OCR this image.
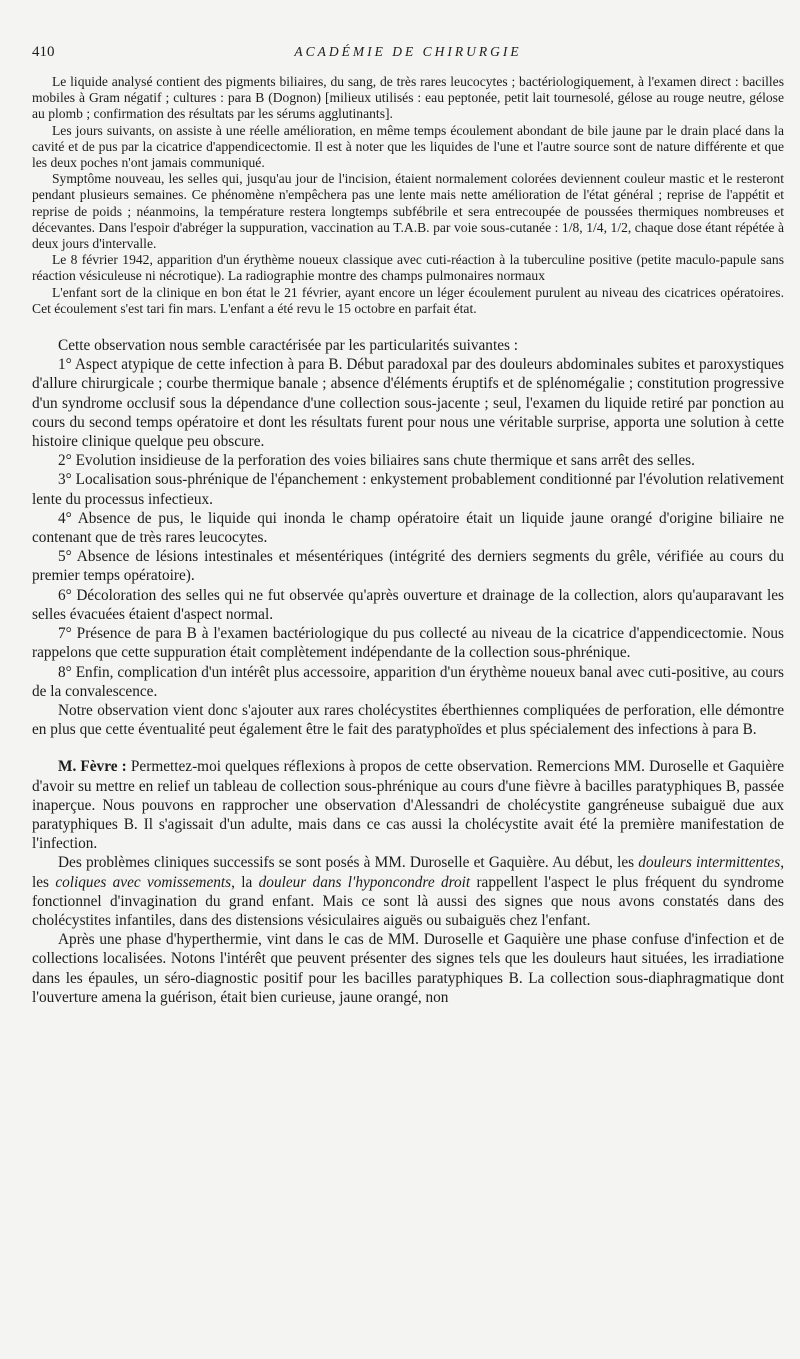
410	ACADÉMIE DE CHIRURGIE

Le liquide analysé contient des pigments biliaires, du sang, de très rares leucocytes ; bactériologiquement, à l'examen direct : bacilles mobiles à Gram négatif ; cultures : para B (Dognon) [milieux utilisés : eau peptonée, petit lait tournesolé, gélose au rouge neutre, gélose au plomb ; confirmation des résultats par les sérums agglutinants].

Les jours suivants, on assiste à une réelle amélioration, en même temps écoulement abondant de bile jaune par le drain placé dans la cavité et de pus par la cicatrice d'appendicectomie. Il est à noter que les liquides de l'une et l'autre source sont de nature différente et que les deux poches n'ont jamais communiqué.

Symptôme nouveau, les selles qui, jusqu'au jour de l'incision, étaient normalement colorées deviennent couleur mastic et le resteront pendant plusieurs semaines. Ce phénomène n'empêchera pas une lente mais nette amélioration de l'état général ; reprise de l'appétit et reprise de poids ; néanmoins, la température restera longtemps subfébrile et sera entrecoupée de poussées thermiques nombreuses et décevantes. Dans l'espoir d'abréger la suppuration, vaccination au T.A.B. par voie sous-cutanée : 1/8, 1/4, 1/2, chaque dose étant répétée à deux jours d'intervalle.

Le 8 février 1942, apparition d'un érythème noueux classique avec cuti-réaction à la tuberculine positive (petite maculo-papule sans réaction vésiculeuse ni nécrotique). La radiographie montre des champs pulmonaires normaux

L'enfant sort de la clinique en bon état le 21 février, ayant encore un léger écoulement purulent au niveau des cicatrices opératoires. Cet écoulement s'est tari fin mars. L'enfant a été revu le 15 octobre en parfait état.

Cette observation nous semble caractérisée par les particularités suivantes :

1° Aspect atypique de cette infection à para B. Début paradoxal par des douleurs abdominales subites et paroxystiques d'allure chirurgicale ; courbe thermique banale ; absence d'éléments éruptifs et de splénomégalie ; constitution progressive d'un syndrome occlusif sous la dépendance d'une collection sous-jacente ; seul, l'examen du liquide retiré par ponction au cours du second temps opératoire et dont les résultats furent pour nous une véritable surprise, apporta une solution à cette histoire clinique quelque peu obscure.

2° Evolution insidieuse de la perforation des voies biliaires sans chute thermique et sans arrêt des selles.

3° Localisation sous-phrénique de l'épanchement : enkystement probablement conditionné par l'évolution relativement lente du processus infectieux.

4° Absence de pus, le liquide qui inonda le champ opératoire était un liquide jaune orangé d'origine biliaire ne contenant que de très rares leucocytes.

5° Absence de lésions intestinales et mésentériques (intégrité des derniers segments du grêle, vérifiée au cours du premier temps opératoire).

6° Décoloration des selles qui ne fut observée qu'après ouverture et drainage de la collection, alors qu'auparavant les selles évacuées étaient d'aspect normal.

7° Présence de para B à l'examen bactériologique du pus collecté au niveau de la cicatrice d'appendicectomie. Nous rappelons que cette suppuration était complètement indépendante de la collection sous-phrénique.

8° Enfin, complication d'un intérêt plus accessoire, apparition d'un érythème noueux banal avec cuti-positive, au cours de la convalescence.

Notre observation vient donc s'ajouter aux rares cholécystites éberthiennes compliquées de perforation, elle démontre en plus que cette éventualité peut également être le fait des paratyphoïdes et plus spécialement des infections à para B.

M. Fèvre : Permettez-moi quelques réflexions à propos de cette observation. Remercions MM. Duroselle et Gaquière d'avoir su mettre en relief un tableau de collection sous-phrénique au cours d'une fièvre à bacilles paratyphiques B, passée inaperçue. Nous pouvons en rapprocher une observation d'Alessandri de cholécystite gangréneuse subaiguë due aux paratyphiques B. Il s'agissait d'un adulte, mais dans ce cas aussi la cholécystite avait été la première manifestation de l'infection.

Des problèmes cliniques successifs se sont posés à MM. Duroselle et Gaquière. Au début, les douleurs intermittentes, les coliques avec vomissements, la douleur dans l'hyponcondre droit rappellent l'aspect le plus fréquent du syndrome fonctionnel d'invagination du grand enfant. Mais ce sont là aussi des signes que nous avons constatés dans des cholécystites infantiles, dans des distensions vésiculaires aiguës ou subaiguës chez l'enfant.

Après une phase d'hyperthermie, vint dans le cas de MM. Duroselle et Gaquière une phase confuse d'infection et de collections localisées. Notons l'intérêt que peuvent présenter des signes tels que les douleurs haut situées, les irradiatione dans les épaules, un séro-diagnostic positif pour les bacilles paratyphiques B. La collection sous-diaphragmatique dont l'ouverture amena la guérison, était bien curieuse, jaune orangé, non
